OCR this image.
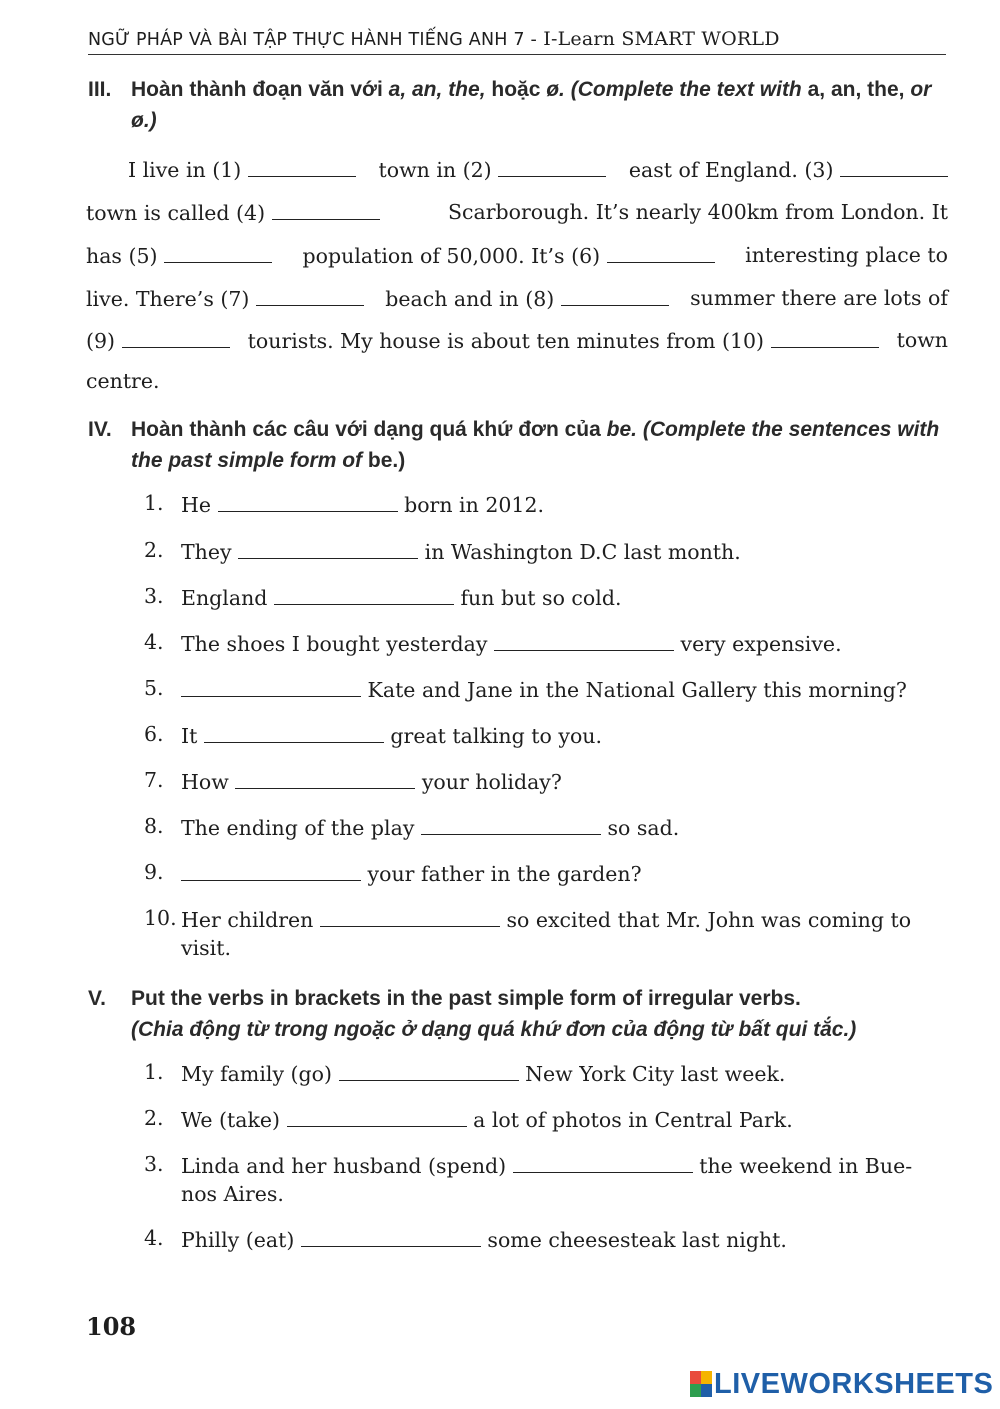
NGỮ PHÁP VÀ BÀI TẬP THỰC HÀNH TIẾNG ANH 7 - I-Learn SMART WORLD
III. Hoàn thành đoạn văn với a, an, the, hoặc ø. (Complete the text with a, an, the, or ø.)
I live in (1)	town in (2)	east of England. (3)
town is called (4)	Scarborough. It’s nearly 400km from London. It
has (5)	population of 50,000. It’s (6)	interesting place to
live. There’s (7)	beach and in (8)	summer there are lots of
(9)	tourists. My house is about ten minutes from (10)	town
centre.
IV. Hoàn thành các câu với dạng quá khứ đơn của be. (Complete the sentences with the past simple form of be.)
1. He	born in 2012.
2. They	in Washington D.C last month.
3. England	fun but so cold.
4. The shoes I bought yesterday	very expensive.
5.	Kate and Jane in the National Gallery this morning?
6. It	great talking to you.
7. How	your holiday?
8. The ending of the play	so sad.
9.	your father in the garden?
10. Her children	so excited that Mr. John was coming to
visit.
V. Put the verbs in brackets in the past simple form of irregular verbs.
(Chia động từ trong ngoặc ở dạng quá khứ đơn của động từ bất qui tắc.)
1. My family (go)	New York City last week.
2. We (take)	a lot of photos in Central Park.
3. Linda and her husband (spend)	the weekend in Bue-
nos Aires.
4. Philly (eat)	some cheesesteak last night.
108
LIVEWORKSHEETS
